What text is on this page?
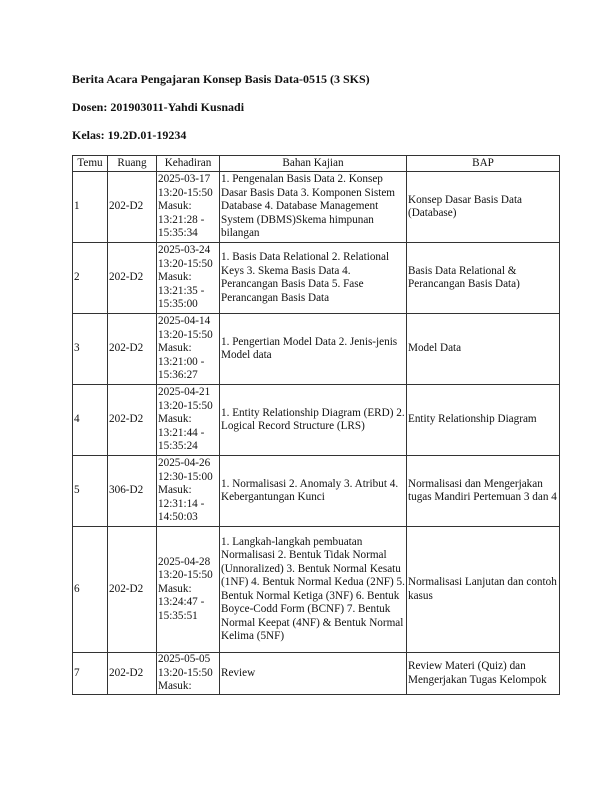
Berita Acara Pengajaran Konsep Basis Data-0515 (3 SKS)
Dosen: 201903011-Yahdi Kusnadi
Kelas: 19.2D.01-19234
Temu	Ruang	Kehadiran	Bahan Kajian	BAP
1	202-D2	2025-03-17 13:20-15:50 Masuk: 13:21:28 - 15:35:34	1. Pengenalan Basis Data 2. Konsep Dasar Basis Data 3. Komponen Sistem Database 4. Database Management System (DBMS)Skema himpunan bilangan	Konsep Dasar Basis Data (Database)
2	202-D2	2025-03-24 13:20-15:50 Masuk: 13:21:35 - 15:35:00	1. Basis Data Relational 2. Relational Keys 3. Skema Basis Data 4. Perancangan Basis Data 5. Fase Perancangan Basis Data	Basis Data Relational & Perancangan Basis Data)
3	202-D2	2025-04-14 13:20-15:50 Masuk: 13:21:00 - 15:36:27	1. Pengertian Model Data 2. Jenis-jenis Model data	Model Data
4	202-D2	2025-04-21 13:20-15:50 Masuk: 13:21:44 - 15:35:24	1. Entity Relationship Diagram (ERD) 2. Logical Record Structure (LRS)	Entity Relationship Diagram
5	306-D2	2025-04-26 12:30-15:00 Masuk: 12:31:14 - 14:50:03	1. Normalisasi 2. Anomaly 3. Atribut 4. Kebergantungan Kunci	Normalisasi dan Mengerjakan tugas Mandiri Pertemuan 3 dan 4
6	202-D2	2025-04-28 13:20-15:50 Masuk: 13:24:47 - 15:35:51	1. Langkah-langkah pembuatan Normalisasi 2. Bentuk Tidak Normal (Unnoralized) 3. Bentuk Normal Kesatu (1NF) 4. Bentuk Normal Kedua (2NF) 5. Bentuk Normal Ketiga (3NF) 6. Bentuk Boyce-Codd Form (BCNF) 7. Bentuk Normal Keepat (4NF) & Bentuk Normal Kelima (5NF)	Normalisasi Lanjutan dan contoh kasus
7	202-D2	2025-05-05 13:20-15:50 Masuk:	Review	Review Materi (Quiz) dan Mengerjakan Tugas Kelompok
